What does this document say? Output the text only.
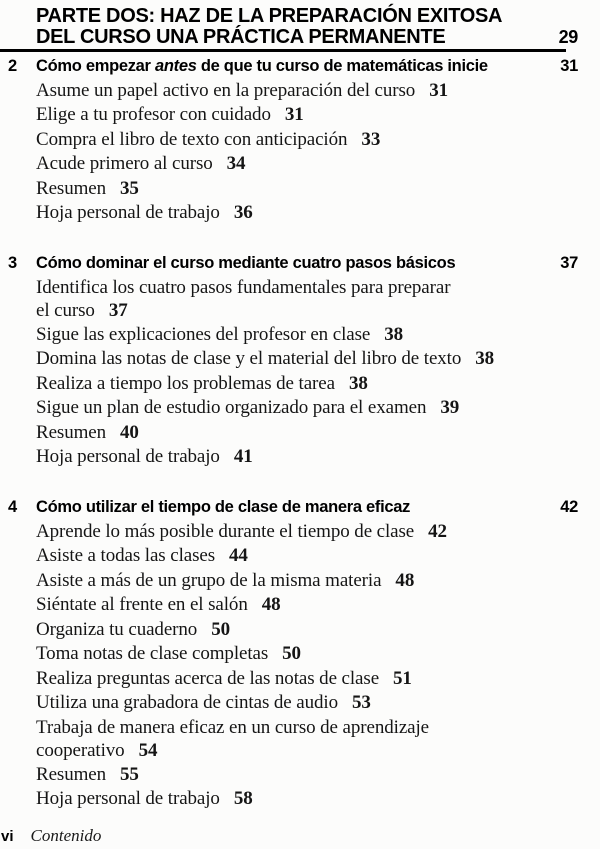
PARTE DOS: HAZ DE LA PREPARACIÓN EXITOSA
DEL CURSO UNA PRÁCTICA PERMANENTE	29
2	Cómo empezar antes de que tu curso de matemáticas inicie	31
Asume un papel activo en la preparación del curso 31
Elige a tu profesor con cuidado 31
Compra el libro de texto con anticipación 33
Acude primero al curso 34
Resumen 35
Hoja personal de trabajo 36
3	Cómo dominar el curso mediante cuatro pasos básicos	37
Identifica los cuatro pasos fundamentales para preparar
el curso 37
Sigue las explicaciones del profesor en clase 38
Domina las notas de clase y el material del libro de texto 38
Realiza a tiempo los problemas de tarea 38
Sigue un plan de estudio organizado para el examen 39
Resumen 40
Hoja personal de trabajo 41
4	Cómo utilizar el tiempo de clase de manera eficaz	42
Aprende lo más posible durante el tiempo de clase 42
Asiste a todas las clases 44
Asiste a más de un grupo de la misma materia 48
Siéntate al frente en el salón 48
Organiza tu cuaderno 50
Toma notas de clase completas 50
Realiza preguntas acerca de las notas de clase 51
Utiliza una grabadora de cintas de audio 53
Trabaja de manera eficaz en un curso de aprendizaje
cooperativo 54
Resumen 55
Hoja personal de trabajo 58
vi Contenido
